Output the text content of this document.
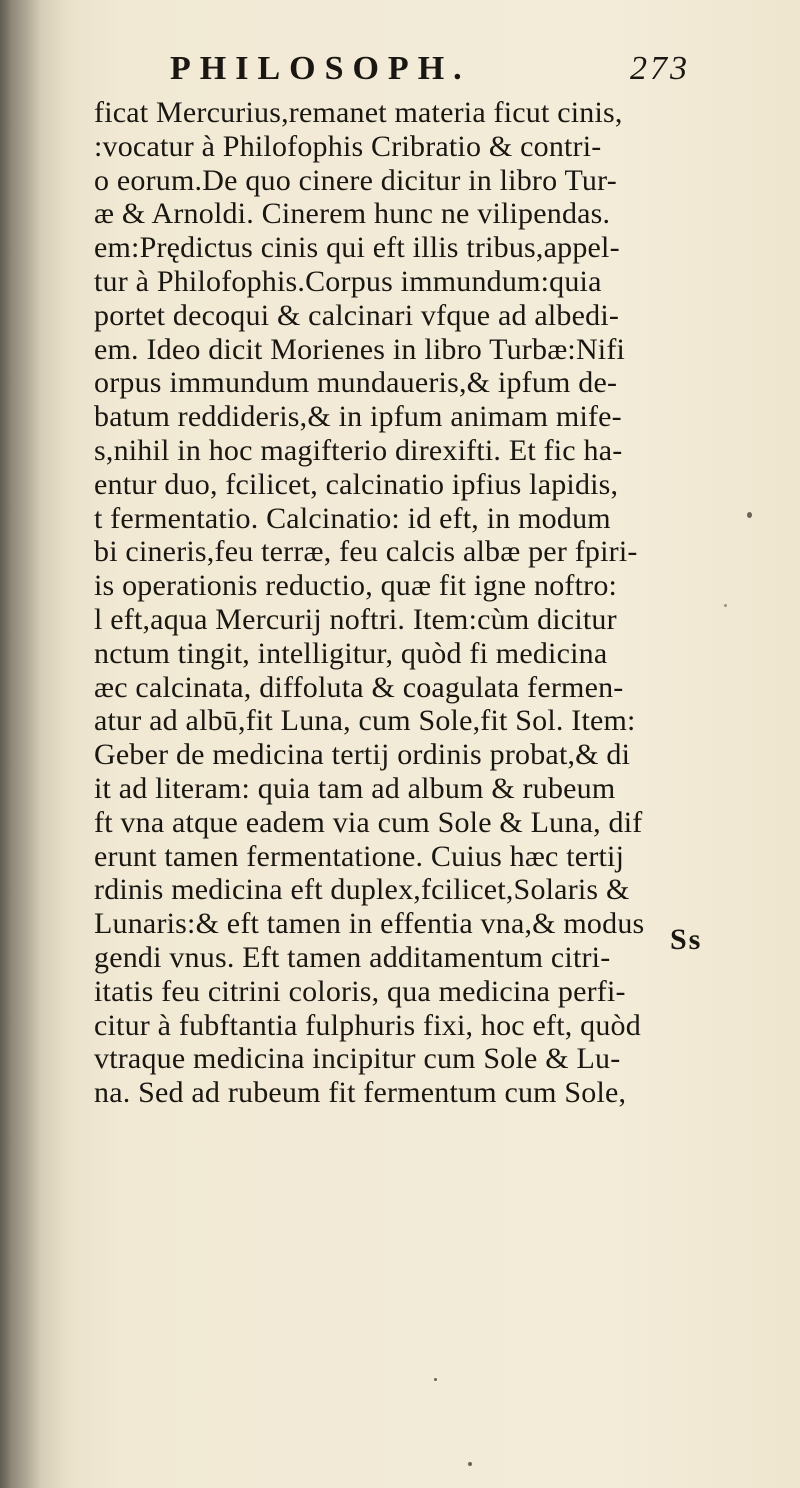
PHILOSOPH.	273
ficat Mercurius,remanet materia ficut cinis,
:vocatur à Philofophis Cribratio & contri-
o eorum.De quo cinere dicitur in libro Tur-
æ & Arnoldi. Cinerem hunc ne vilipendas.
em:Prędictus cinis qui eft illis tribus,appel-
tur à Philofophis.Corpus immundum:quia
portet decoqui & calcinari vfque ad albedi-
em. Ideo dicit Morienes in libro Turbæ:Nifi
orpus immundum mundaueris,& ipfum de-
batum reddideris,& in ipfum animam mife-
s,nihil in hoc magifterio direxifti. Et fic ha-
entur duo, fcilicet, calcinatio ipfius lapidis,
t fermentatio. Calcinatio: id eft, in modum
bi cineris,feu terræ, feu calcis albæ per fpiri-
is operationis reductio, quæ fit igne noftro:
l eft,aqua Mercurij noftri. Item:cùm dicitur
nctum tingit, intelligitur, quòd fi medicina
æc calcinata, diffoluta & coagulata fermen-
atur ad albū,fit Luna, cum Sole,fit Sol. Item:
Geber de medicina tertij ordinis probat,& di
it ad literam: quia tam ad album & rubeum
ft vna atque eadem via cum Sole & Luna, dif
erunt tamen fermentatione. Cuius hæc tertij
rdinis medicina eft duplex,fcilicet,Solaris &
Lunaris:& eft tamen in effentia vna,& modus
gendi vnus. Eft tamen additamentum citri-
itatis feu citrini coloris, qua medicina perfi-
citur à fubftantia fulphuris fixi, hoc eft, quòd
vtraque medicina incipitur cum Sole & Lu-
na. Sed ad rubeum fit fermentum cum Sole,
Ss
